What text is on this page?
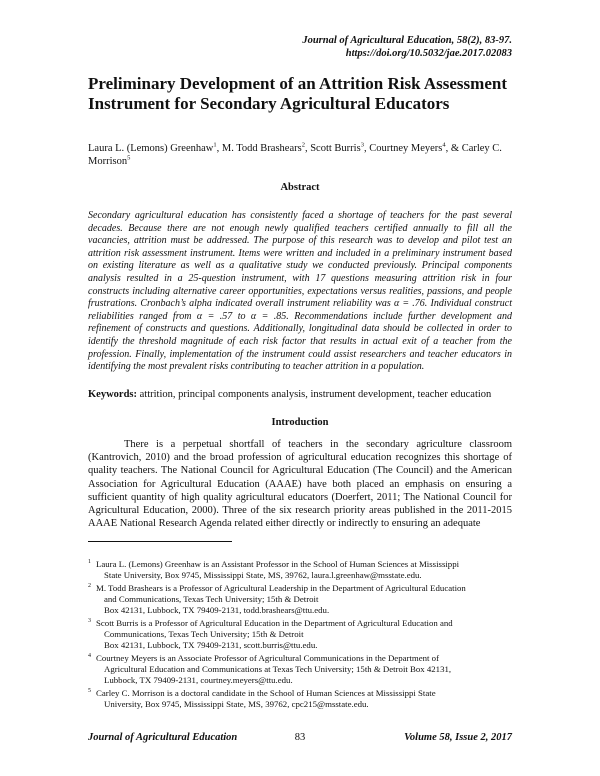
Journal of Agricultural Education, 58(2), 83-97.
https://doi.org/10.5032/jae.2017.02083
Preliminary Development of an Attrition Risk Assessment Instrument for Secondary Agricultural Educators
Laura L. (Lemons) Greenhaw$^1$, M. Todd Brashears$^2$, Scott Burris$^3$, Courtney Meyers$^4$, & Carley C. Morrison$^5$
Abstract
Secondary agricultural education has consistently faced a shortage of teachers for the past several decades. Because there are not enough newly qualified teachers certified annually to fill all the vacancies, attrition must be addressed. The purpose of this research was to develop and pilot test an attrition risk assessment instrument. Items were written and included in a preliminary instrument based on existing literature as well as a qualitative study we conducted previously. Principal components analysis resulted in a 25-question instrument, with 17 questions measuring attrition risk in four constructs including alternative career opportunities, expectations versus realities, passions, and people frustrations. Cronbach’s alpha indicated overall instrument reliability was α = .76. Individual construct reliabilities ranged from α = .57 to α = .85. Recommendations include further development and refinement of constructs and questions. Additionally, longitudinal data should be collected in order to identify the threshold magnitude of each risk factor that results in actual exit of a teacher from the profession. Finally, implementation of the instrument could assist researchers and teacher educators in identifying the most prevalent risks contributing to teacher attrition in a population.
Keywords: attrition, principal components analysis, instrument development, teacher education
Introduction
There is a perpetual shortfall of teachers in the secondary agriculture classroom (Kantrovich, 2010) and the broad profession of agricultural education recognizes this shortage of quality teachers. The National Council for Agricultural Education (The Council) and the American Association for Agricultural Education (AAAE) have both placed an emphasis on ensuring a sufficient quantity of high quality agricultural educators (Doerfert, 2011; The National Council for Agricultural Education, 2000). Three of the six research priority areas published in the 2011-2015 AAAE National Research Agenda related either directly or indirectly to ensuring an adequate
1 Laura L. (Lemons) Greenhaw is an Assistant Professor in the School of Human Sciences at Mississippi
State University, Box 9745, Mississippi State, MS, 39762, laura.l.greenhaw@msstate.edu.
2 M. Todd Brashears is a Professor of Agricultural Leadership in the Department of Agricultural Education
and Communications, Texas Tech University; 15th & Detroit
Box 42131, Lubbock, TX 79409-2131, todd.brashears@ttu.edu.
3 Scott Burris is a Professor of Agricultural Education in the Department of Agricultural Education and
Communications, Texas Tech University; 15th & Detroit
Box 42131, Lubbock, TX 79409-2131, scott.burris@ttu.edu.
4 Courtney Meyers is an Associate Professor of Agricultural Communications in the Department of
Agricultural Education and Communications at Texas Tech University; 15th & Detroit Box 42131,
Lubbock, TX 79409-2131, courtney.meyers@ttu.edu.
5 Carley C. Morrison is a doctoral candidate in the School of Human Sciences at Mississippi State
University, Box 9745, Mississippi State, MS, 39762, cpc215@msstate.edu.
Journal of Agricultural Education	83	Volume 58, Issue 2, 2017
